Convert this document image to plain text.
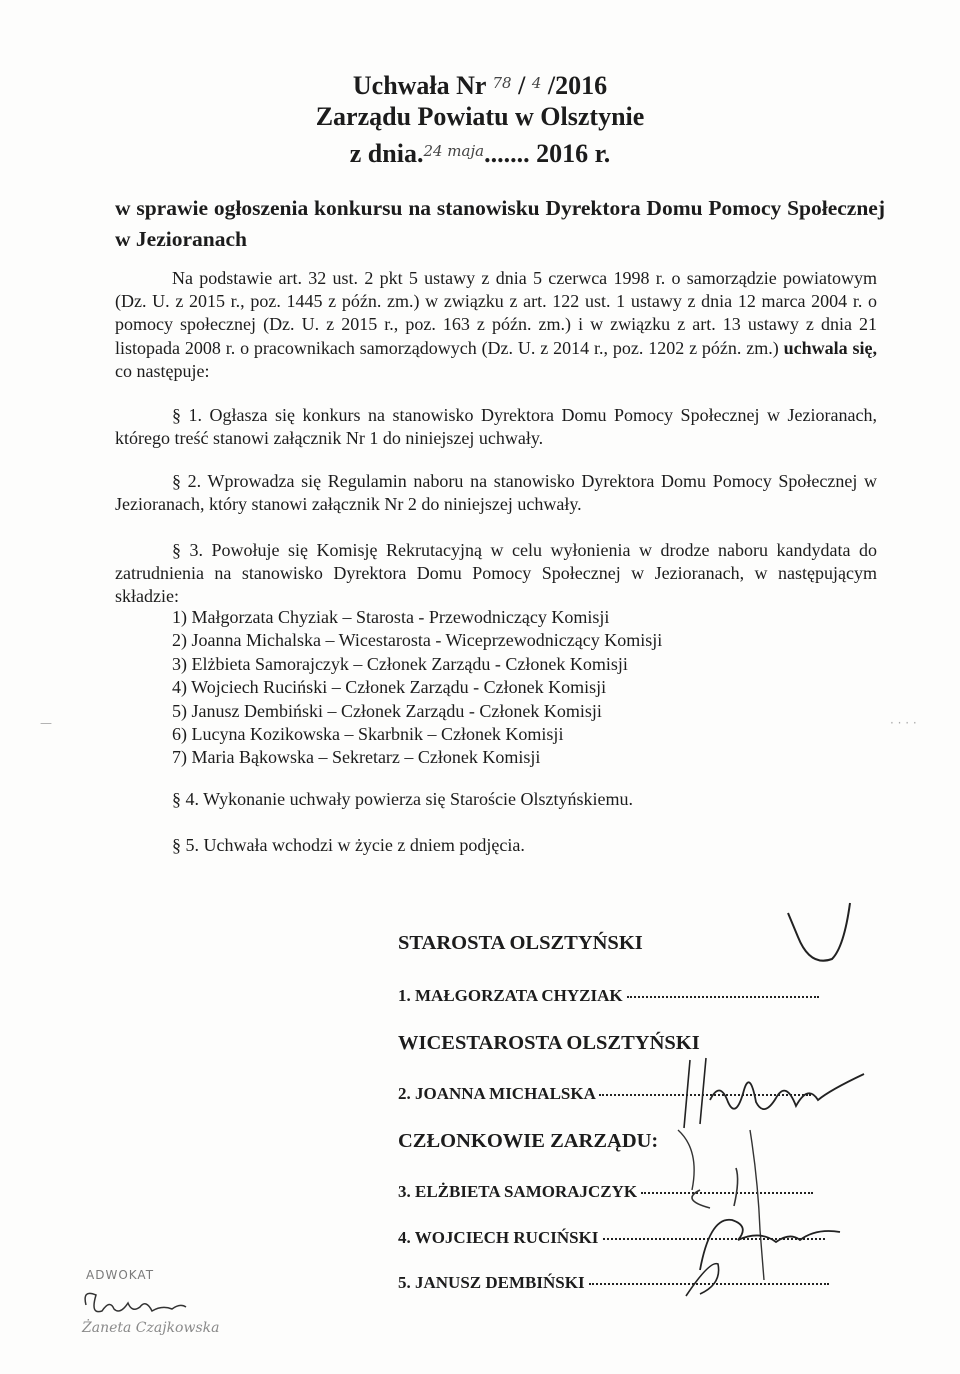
Uchwała Nr $^{78}$ / $^4$ /2016
Zarządu Powiatu w Olsztynie
z dnia.$^{24 maja}$....... 2016 r.
w sprawie ogłoszenia konkursu na stanowisku Dyrektora Domu Pomocy Społecznej w Jezioranach
Na podstawie art. 32 ust. 2 pkt 5 ustawy z dnia 5 czerwca 1998 r. o samorządzie powiatowym (Dz. U. z 2015 r., poz. 1445 z późn. zm.) w związku z art. 122 ust. 1 ustawy z dnia 12 marca 2004 r. o pomocy społecznej (Dz. U. z 2015 r., poz. 163 z późn. zm.) i w związku z art. 13 ustawy z dnia 21 listopada 2008 r. o pracownikach samorządowych (Dz. U. z 2014 r., poz. 1202 z późn. zm.) uchwala się, co następuje:
§ 1. Ogłasza się konkurs na stanowisko Dyrektora Domu Pomocy Społecznej w Jezioranach, którego treść stanowi załącznik Nr 1 do niniejszej uchwały.
§ 2. Wprowadza się Regulamin naboru na stanowisko Dyrektora Domu Pomocy Społecznej w Jezioranach, który stanowi załącznik Nr 2 do niniejszej uchwały.
§ 3. Powołuje się Komisję Rekrutacyjną w celu wyłonienia w drodze naboru kandydata do zatrudnienia na stanowisko Dyrektora Domu Pomocy Społecznej w Jezioranach, w następującym składzie:
1) Małgorzata Chyziak – Starosta - Przewodniczący Komisji
2) Joanna Michalska – Wicestarosta - Wiceprzewodniczący Komisji
3) Elżbieta Samorajczyk – Członek Zarządu - Członek Komisji
4) Wojciech Ruciński – Członek Zarządu - Członek Komisji
5) Janusz Dembiński – Członek Zarządu - Członek Komisji
6) Lucyna Kozikowska – Skarbnik – Członek Komisji
7) Maria Bąkowska – Sekretarz – Członek Komisji
§ 4. Wykonanie uchwały powierza się Staroście Olsztyńskiemu.
§ 5. Uchwała wchodzi w życie z dniem podjęcia.
STAROSTA OLSZTYŃSKI
1. MAŁGORZATA CHYZIAK
WICESTAROSTA OLSZTYŃSKI
2. JOANNA MICHALSKA
CZŁONKOWIE ZARZĄDU:
3. ELŻBIETA SAMORAJCZYK
4. WOJCIECH RUCIŃSKI
5. JANUSZ DEMBIŃSKI
ADWOKAT
Żaneta Czajkowska
—	· · · ·
